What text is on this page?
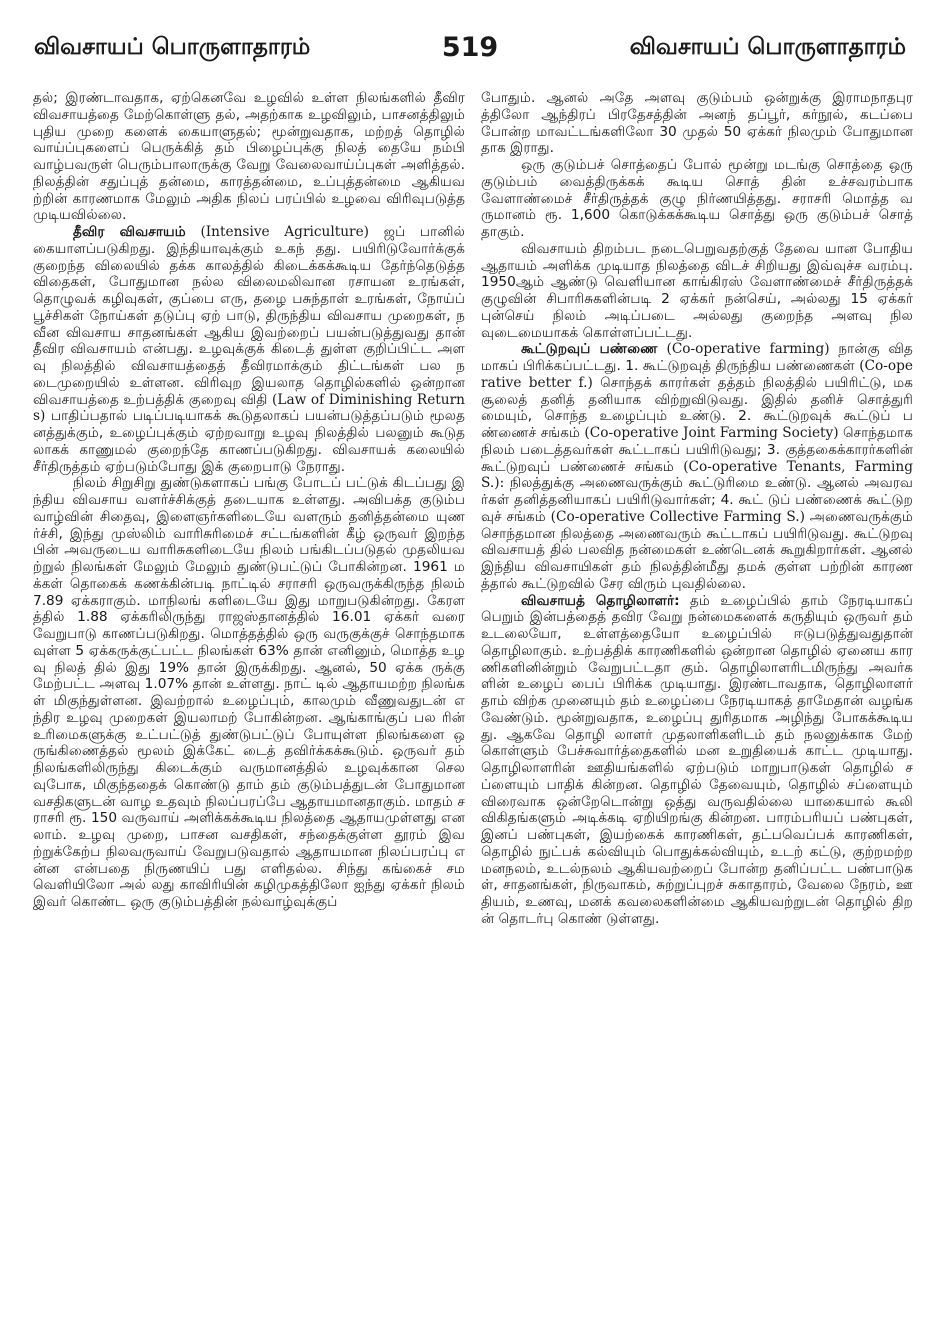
விவசாயப் பொருளாதாரம்	519	விவசாயப் பொருளாதாரம்

தல்; இரண்டாவதாக, ஏற்கெனவே உழவில் உள்ள நிலங்களில் தீவிர விவசாயத்தை மேற்கொள்ளு தல், அதற்காக உழவிலும், பாசனத்திலும் புதிய முறை களைக் கையாளுதல்; மூன்றுவதாக, மற்றத் தொழில் வாய்ப்புகளைப் பெருக்கித் தம் பிழைப்புக்கு நிலத் தையே நம்பி வாழ்பவருள் பெரும்பாலாருக்கு வேறு வேலைவாய்ப்புகள் அளித்தல். நிலத்தின் சதுப்புத் தன்மை, காரத்தன்மை, உப்புத்தன்மை ஆகியவற்றின் காரணமாக மேலும் அதிக நிலப் பரப்பில் உழவை விரிவுபடுத்த முடியவில்லை.

தீவிர விவசாயம் (Intensive Agriculture) ஜப் பானில் கையாளப்படுகிறது. இந்தியாவுக்கும் உகந் தது. பயிரிடுவோர்க்குக் குறைந்த விலையில் தக்க காலத்தில் கிடைக்கக்கூடிய தேர்ந்தெடுத்த விதைகள், போதுமான நல்ல விலைமலிவான ரசாயன உரங்கள், தொழுவக் கழிவுகள், குப்பை எரு, தழை பசுந்தாள் உரங்கள், நோய்ப் பூச்சிகள் நோய்கள் தடுப்பு ஏற் பாடு, திருந்திய விவசாய முறைகள், நவீன விவசாய சாதனங்கள் ஆகிய இவற்றைப் பயன்படுத்துவது தான் தீவிர விவசாயம் என்பது. உழவுக்குக் கிடைத் துள்ள குறிப்பிட்ட அளவு நிலத்தில் விவசாயத்தைத் தீவிரமாக்கும் திட்டங்கள் பல நடைமுறையில் உள்ளன. விரிவுற இயலாத தொழில்களில் ஒன்றான விவசாயத்தை உற்பத்திக் குறைவு விதி (Law of Diminishing Returns) பாதிப்பதால் படிப்படியாகக் கூடுதலாகப் பயன்படுத்தப்படும் மூலதனத்துக்கும், உழைப்புக்கும் ஏற்றவாறு உழவு நிலத்தில் பலனும் கூடுதலாகக் காணுமல் குறைந்தே காணப்படுகிறது. விவசாயக் கலையில் சீர்திருத்தம் ஏற்படும்போது இக் குறைபாடு நேராது.

நிலம் சிறுசிறு துண்டுகளாகப் பங்கு போடப் பட்டுக் கிடப்பது இந்திய விவசாய வளர்ச்சிக்குத் தடையாக உள்ளது. அவிபக்த குடும்ப வாழ்வின் சிதைவு, இளைஞர்களிடையே வளரும் தனித்தன்மை யுணர்ச்சி, இந்து முஸ்லிம் வாரிசுரிமைச் சட்டங்களின் கீழ் ஒருவர் இறந்தபின் அவருடைய வாரிசுகளிடையே நிலம் பங்கிடப்படுதல் முதலியவற்றுல் நிலங்கள் மேலும் மேலும் துண்டுபட்டுப் போகின்றன. 1961 மக்கள் தொகைக் கணக்கின்படி நாட்டில் சராசரி ஒருவருக்கிருந்த நிலம் 7.89 ஏக்கராகும். மாநிலங் களிடையே இது மாறுபடுகின்றது. கேரளத்தில் 1.88 ஏக்கரிலிருந்து ராஜஸ்தானத்தில் 16.01 ஏக்கர் வரை வேறுபாடு காணப்படுகிறது. மொத்தத்தில் ஒரு வருகுக்குச் சொந்தமாகவுள்ள 5 ஏக்கருக்குட்பட்ட நிலங்கள் 63% தான் எனினும், மொத்த உழவு நிலத் தில் இது 19% தான் இருக்கிறது. ஆனல், 50 ஏக்க ருக்கு மேற்பட்ட அளவு 1.07% தான் உள்ளது. நாட் டில் ஆதாயமற்ற நிலங்கள் மிகுந்துள்ளன. இவற்றால் உழைப்பும், காலமும் வீணுவதுடன் எந்திர உழவு முறைகள் இயலாமற் போகின்றன. ஆங்காங்குப் பல ரின் உரிமைகளுக்கு உட்பட்டுத் துண்டுபட்டுப் போயுள்ள நிலங்களை ஒருங்கிணைத்தல் மூலம் இக்கேட் டைத் தவிர்க்கக்கூடும். ஒருவர் தம் நிலங்களிலிருந்து கிடைக்கும் வருமானத்தில் உழவுக்கான செலவுபோக, மிகுந்ததைக் கொண்டு தாம் தம் குடும்பத்துடன் போதுமான வசதிகளுடன் வாழ உதவும் நிலப்பரப்பே ஆதாயமானதாகும். மாதம் சராசரி ரூ. 150 வருவாய் அளிக்கக்கூடிய நிலத்தை ஆதாயமுள்ளது எனலாம். உழவு முறை, பாசன வசதிகள், சந்தைக்குள்ள தூரம் இவற்றுக்கேற்ப நிலவருவாய் வேறுபடுவதால் ஆதாயமான நிலப்பரப்பு என்ன என்பதை நிருணயிப் பது எளிதல்ல. சிந்து கங்கைச் சமவெளியிலோ அல் லது காவிரியின் கழிமுகத்திலோ ஐந்து ஏக்கர் நிலம் இவர் கொண்ட ஒரு குடும்பத்தின் நல்வாழ்வுக்குப்

போதும். ஆனல் அதே அளவு குடும்பம் ஒன்றுக்கு இராமநாதபுரத்திலோ ஆந்திரப் பிரதேசத்தின் அனந் தப்பூர், கர்நூல், கடப்பை போன்ற மாவட்டங்களிலோ 30 முதல் 50 ஏக்கர் நிலமும் போதுமானதாக இராது.

ஒரு குடும்பச் சொத்தைப் போல் மூன்று மடங்கு சொத்தை ஒரு குடும்பம் வைத்திருக்கக் கூடிய சொத் தின் உச்சவரம்பாக வேளாண்மைச் சீர்திருத்தக் குழு நிர்ணயித்தது. சராசரி மொத்த வருமானம் ரூ. 1,600 கொடுக்கக்கூடிய சொத்து ஒரு குடும்பச் சொத் தாகும்.

விவசாயம் திறம்பட நடைபெறுவதற்குத் தேவை யான போதிய ஆதாயம் அளிக்க முடியாத நிலத்தை விடச் சிறியது இவ்வுச்ச வரம்பு. 1950ஆம் ஆண்டு வெளியான காங்கிரஸ் வேளாண்மைச் சீர்திருத்தக் குழுவின் சிபாரிசுகளின்படி 2 ஏக்கர் நன்செய், அல்லது 15 ஏக்கர் புன்செய் நிலம் அடிப்படை அல்லது குறைந்த அளவு நிலவுடைமையாகக் கொள்ளப்பட்டது.

கூட்டுறவுப் பண்ணை (Co-operative farming) நான்கு விதமாகப் பிரிக்கப்பட்டது. 1. கூட்டுறவுத் திருந்திய பண்ணைகள் (Co-operative better f.) சொந்தக் காரர்கள் தத்தம் நிலத்தில் பயிரிட்டு, மகசூலைத் தனித் தனியாக விற்றுவிடுவது. இதில் தனிச் சொத்துரி மையும், சொந்த உழைப்பும் உண்டு. 2. கூட்டுறவுக் கூட்டுப் பண்ணைச் சங்கம் (Co-operative Joint Farming Society) சொந்தமாக நிலம் படைத்தவர்கள் கூட்டாகப் பயிரிடுவது; 3. குத்தகைக்காரர்களின் கூட்டுறவுப் பண்ணைச் சங்கம் (Co-operative Tenants, Farming S.): நிலத்துக்கு அணைவருக்கும் கூட்டுரிமை உண்டு. ஆனல் அவரவர்கள் தனித்தனியாகப் பயிரிடுவார்கள்; 4. கூட் டுப் பண்ணைக் கூட்டுறவுச் சங்கம் (Co-operative Collective Farming S.) அணைவருக்கும் சொந்தமான நிலத்தை அணைவரும் கூட்டாகப் பயிரிடுவது. கூட்டுறவு விவசாயத் தில் பலவித நன்மைகள் உண்டெனக் கூறுகிறார்கள். ஆனல் இந்திய விவசாயிகள் தம் நிலத்தின்மீது தமக் குள்ள பற்றின் காரணத்தால் கூட்டுறவில் சேர விரும் புவதில்லை.

விவசாயத் தொழிலாளர்: தம் உழைப்பில் தாம் நேரடியாகப் பெறும் இன்பத்தைத் தவிர வேறு நன்மைகளைக் கருதியும் ஒருவர் தம் உடலையோ, உள்ளத்தையோ உழைப்பில் ஈடுபடுத்துவதுதான் தொழிலாகும். உற்பத்திக் காரணிகளில் ஒன்றான தொழில் ஏனைய காரணிகளினின்றும் வேறுபட்டதா கும். தொழிலாளரிடமிருந்து அவர்களின் உழைப் பைப் பிரிக்க முடியாது. இரண்டாவதாக, தொழிலாளர் தாம் விற்க முனையும் தம் உழைப்பை நேரடியாகத் தாமேதான் வழங்கவேண்டும். மூன்றுவதாக, உழைப்பு துரிதமாக அழிந்து போகக்கூடியது. ஆகவே தொழி லாளர் முதலாளிகளிடம் தம் நலனுக்காக மேற் கொள்ளும் பேச்சுவார்த்தைகளில் மன உறுதியைக் காட்ட முடியாது. தொழிலாளரின் ஊதியங்களில் ஏற்படும் மாறுபாடுகள் தொழில் சப்ளையும் பாதிக் கின்றன. தொழில் தேவையும், தொழில் சப்ளையும் விரைவாக ஒன்றேடொன்று ஒத்து வருவதில்லை யாகையால் கூலி விகிதங்களும் அடிக்கடி ஏறியிறங்கு கின்றன. பாரம்பரியப் பண்புகள், இனப் பண்புகள், இயற்கைக் காரணிகள், தட்பவெப்பக் காரணிகள், தொழில் நுட்பக் கல்வியும் பொதுக்கல்வியும், உடற் கட்டு, குற்றமற்ற மனநலம், உடல்நலம் ஆகியவற்றைப் போன்ற தனிப்பட்ட பண்பாடுகள், சாதனங்கள், நிருவாகம், சுற்றுப்புறச் சுகாதாரம், வேலை நேரம், ஊதியம், உணவு, மனக் கவலைகளின்மை ஆகியவற்றுடன் தொழில் திறன் தொடர்பு கொண் டுள்ளது.
